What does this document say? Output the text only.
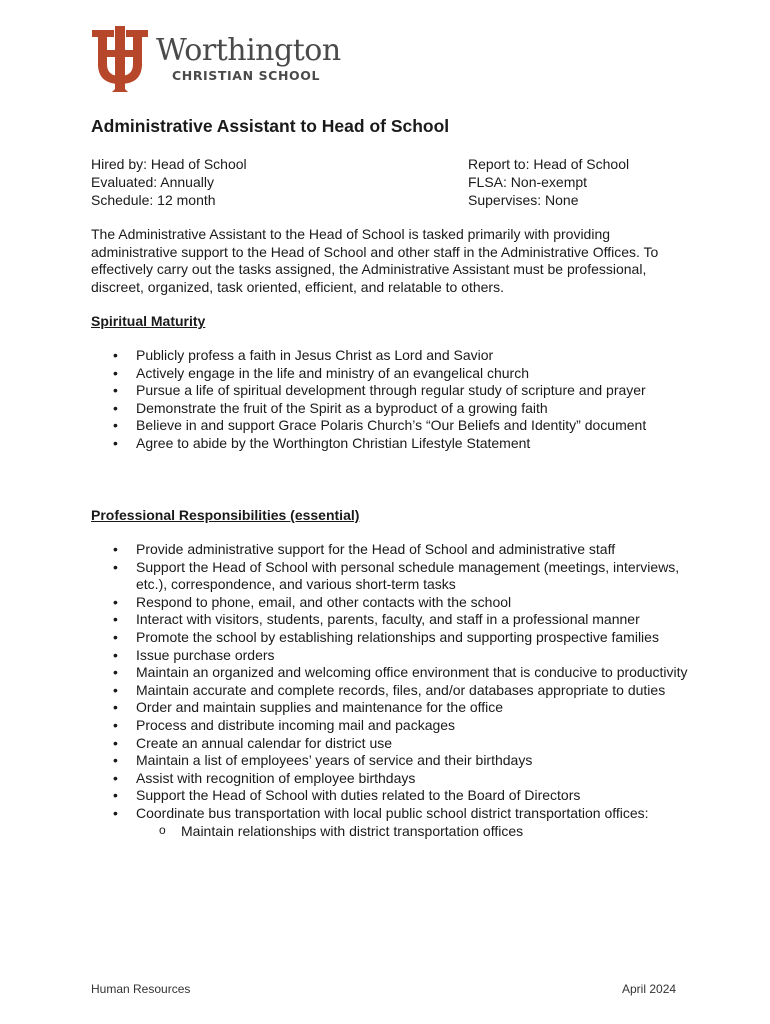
Worthington
CHRISTIAN SCHOOL
Administrative Assistant to Head of School
Hired by: Head of School
Evaluated: Annually
Schedule: 12 month
Report to: Head of School
FLSA: Non-exempt
Supervises: None
The Administrative Assistant to the Head of School is tasked primarily with providing administrative support to the Head of School and other staff in the Administrative Offices. To effectively carry out the tasks assigned, the Administrative Assistant must be professional, discreet, organized, task oriented, efficient, and relatable to others.
Spiritual Maturity
• Publicly profess a faith in Jesus Christ as Lord and Savior
• Actively engage in the life and ministry of an evangelical church
• Pursue a life of spiritual development through regular study of scripture and prayer
• Demonstrate the fruit of the Spirit as a byproduct of a growing faith
• Believe in and support Grace Polaris Church’s “Our Beliefs and Identity” document
• Agree to abide by the Worthington Christian Lifestyle Statement
Professional Responsibilities (essential)
• Provide administrative support for the Head of School and administrative staff
• Support the Head of School with personal schedule management (meetings, interviews, etc.), correspondence, and various short-term tasks
• Respond to phone, email, and other contacts with the school
• Interact with visitors, students, parents, faculty, and staff in a professional manner
• Promote the school by establishing relationships and supporting prospective families
• Issue purchase orders
• Maintain an organized and welcoming office environment that is conducive to productivity
• Maintain accurate and complete records, files, and/or databases appropriate to duties
• Order and maintain supplies and maintenance for the office
• Process and distribute incoming mail and packages
• Create an annual calendar for district use
• Maintain a list of employees’ years of service and their birthdays
• Assist with recognition of employee birthdays
• Support the Head of School with duties related to the Board of Directors
• Coordinate bus transportation with local public school district transportation offices:
o Maintain relationships with district transportation offices
Human Resources	April 2024
